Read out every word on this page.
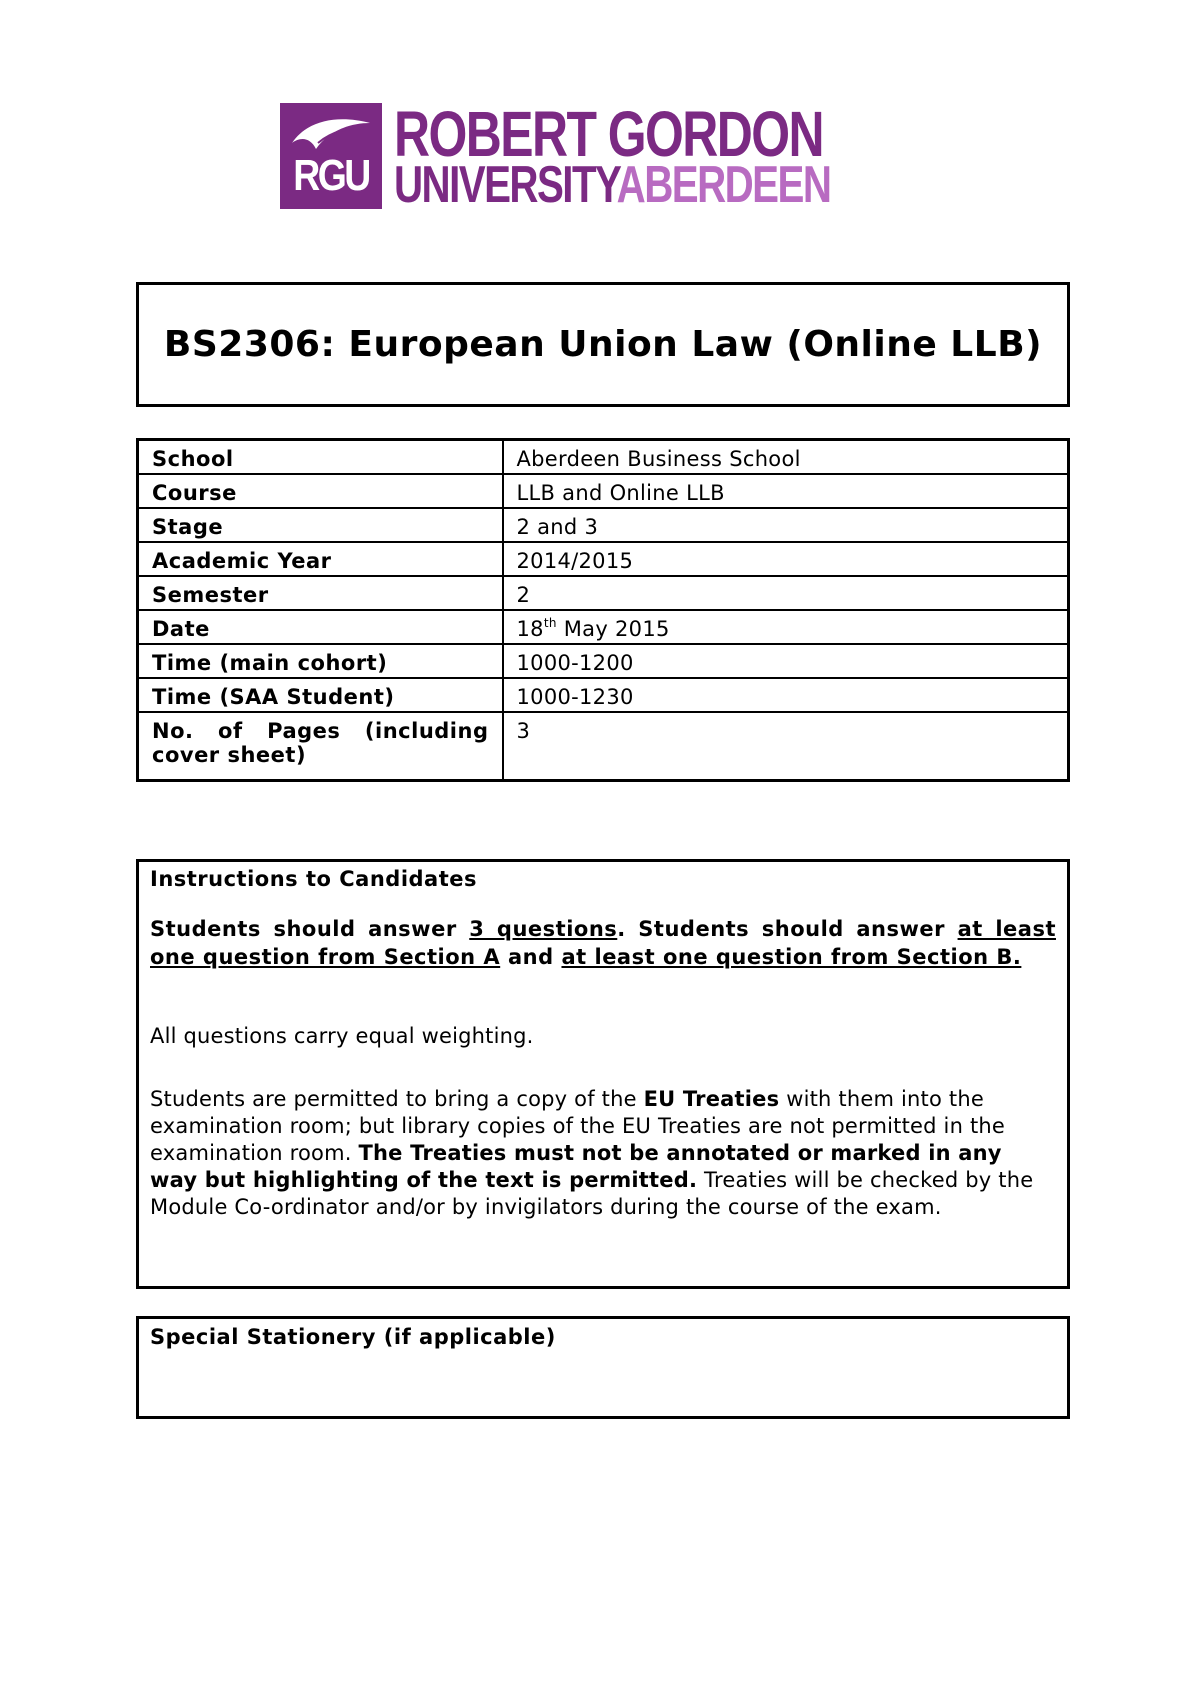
RGU
ROBERT GORDON
UNIVERSITYABERDEEN
BS2306: European Union Law (Online LLB)
School	Aberdeen Business School
Course	LLB and Online LLB
Stage	2 and 3
Academic Year	2014/2015
Semester	2
Date	18th May 2015
Time (main cohort)	1000-1200
Time (SAA Student)	1000-1230

No. of Pages (including
cover sheet)	3

Instructions to Candidates

Students should answer 3 questions. Students should answer at least

one question from Section A and at least one question from Section B.

All questions carry equal weighting.

Students are permitted to bring a copy of the EU Treaties with them into the examination room; but library copies of the EU Treaties are not permitted in the examination room. The Treaties must not be annotated or marked in any way but highlighting of the text is permitted. Treaties will be checked by the Module Co-ordinator and/or by invigilators during the course of the exam.

Special Stationery (if applicable)
